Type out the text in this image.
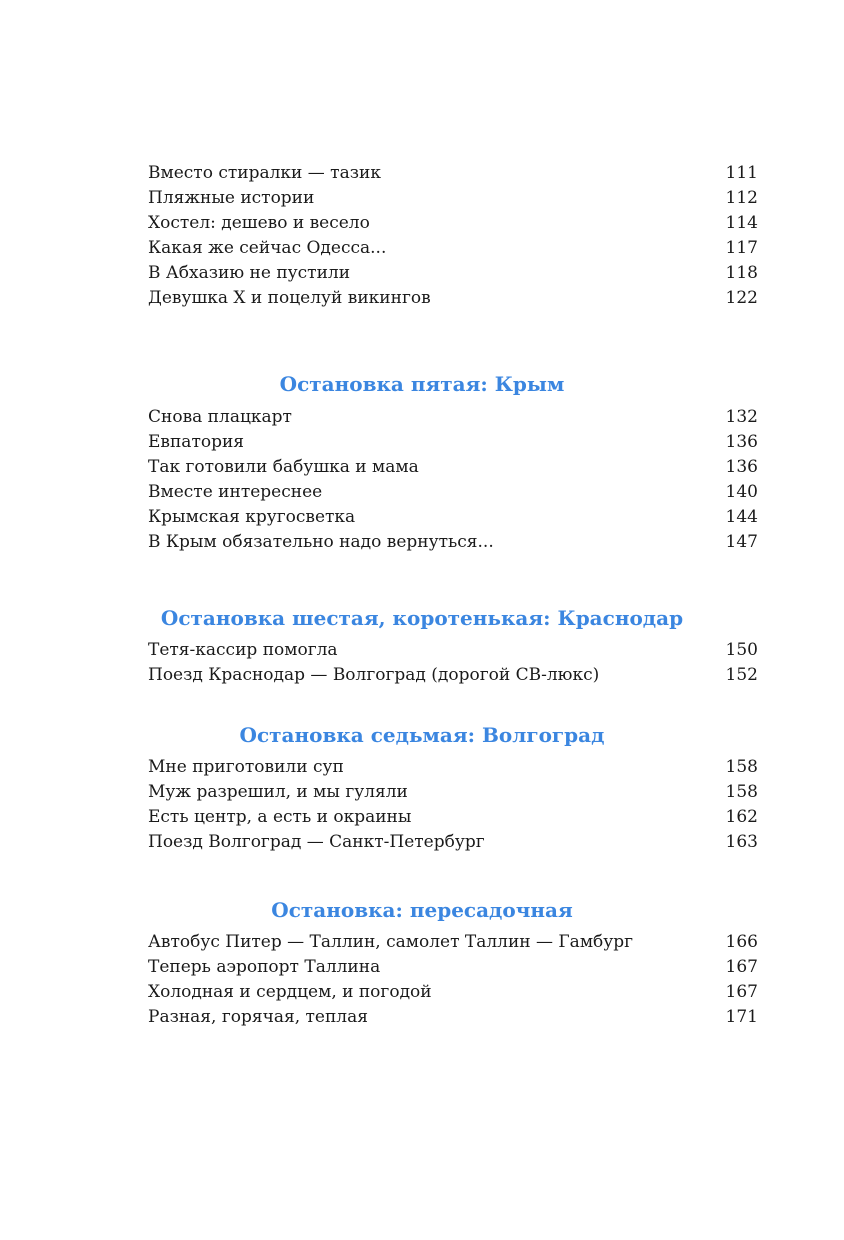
Вместо стиралки — тазик	111
Пляжные истории	112
Хостел: дешево и весело	114
Какая же сейчас Одесса...	117
В Абхазию не пустили	118
Девушка Х и поцелуй викингов	122
Остановка пятая: Крым
Снова плацкарт	132
Евпатория	136
Так готовили бабушка и мама	136
Вместе интереснее	140
Крымская кругосветка	144
В Крым обязательно надо вернуться...	147
Остановка шестая, коротенькая: Краснодар
Тетя-кассир помогла	150
Поезд Краснодар — Волгоград (дорогой СВ-люкс)	152
Остановка седьмая: Волгоград
Мне приготовили суп	158
Муж разрешил, и мы гуляли	158
Есть центр, а есть и окраины	162
Поезд Волгоград — Санкт-Петербург	163
Остановка: пересадочная
Автобус Питер — Таллин, самолет Таллин — Гамбург	166
Теперь аэропорт Таллина	167
Холодная и сердцем, и погодой	167
Разная, горячая, теплая	171
